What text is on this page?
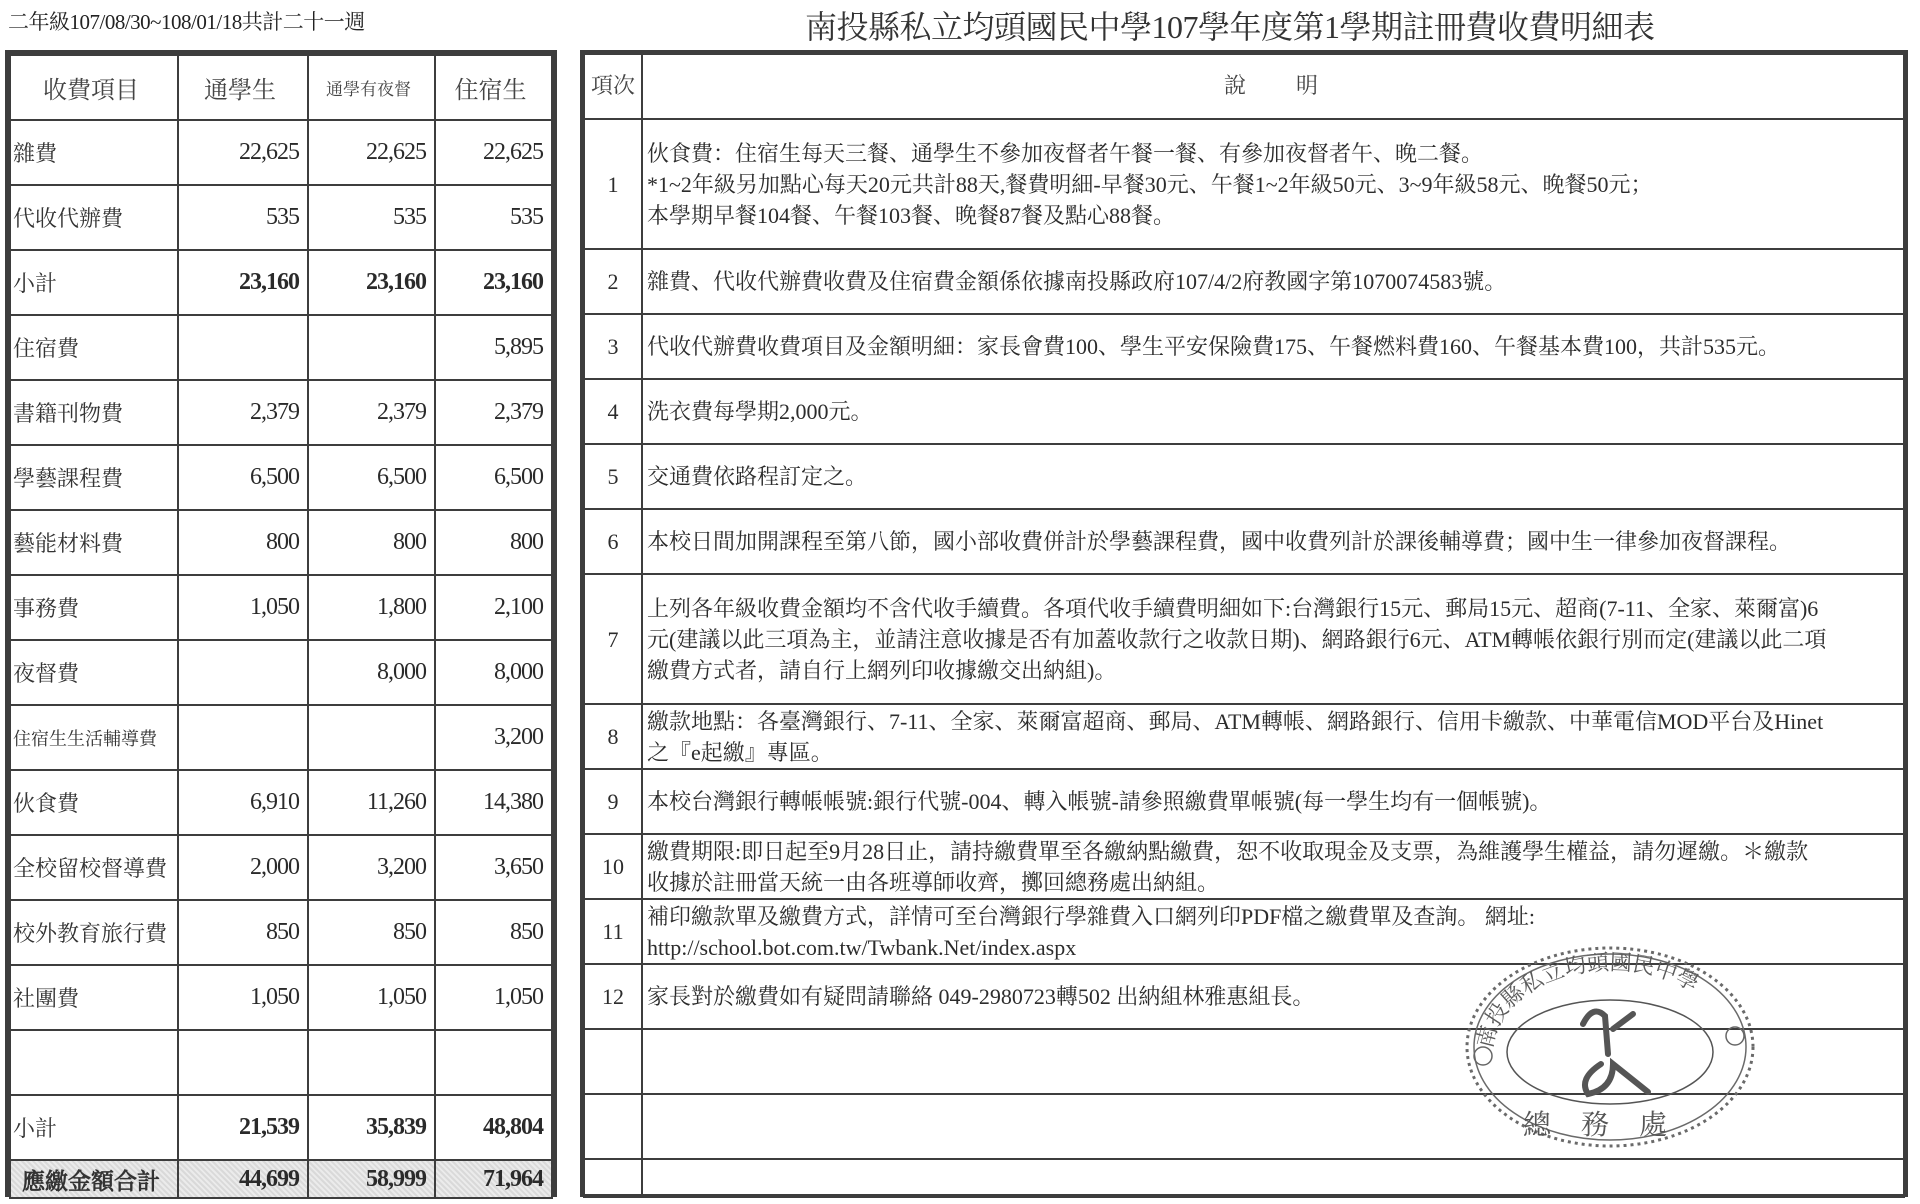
二年級107/08/30~108/01/18共計二十一週	南投縣私立均頭國民中學107學年度第1學期註冊費收費明細表
收費項目	通學生	通學有夜督	住宿生
雜費	22,625	22,625	22,625
代收代辦費	535	535	535
小計	23,160	23,160	23,160
住宿費			5,895
書籍刊物費	2,379	2,379	2,379
學藝課程費	6,500	6,500	6,500
藝能材料費	800	800	800
事務費	1,050	1,800	2,100
夜督費		8,000	8,000
住宿生生活輔導費			3,200
伙食費	6,910	11,260	14,380
全校留校督導費	2,000	3,200	3,650
校外教育旅行費	850	850	850
社團費	1,050	1,050	1,050

小計	21,539	35,839	48,804
應繳金額合計	44,699	58,999	71,964
項次	說明
1	伙食費：住宿生每天三餐、通學生不參加夜督者午餐一餐、有參加夜督者午、晚二餐。
*1~2年級另加點心每天20元共計88天,餐費明細-早餐30元、午餐1~2年級50元、3~9年級58元、晚餐50元；
本學期早餐104餐、午餐103餐、晚餐87餐及點心88餐。

2	雜費、代收代辦費收費及住宿費金額係依據南投縣政府107/4/2府教國字第1070074583號。

3	代收代辦費收費項目及金額明細：家長會費100、學生平安保險費175、午餐燃料費160、午餐基本費100，共計535元。

4	洗衣費每學期2,000元。

5	交通費依路程訂定之。

6	本校日間加開課程至第八節，國小部收費併計於學藝課程費，國中收費列計於課後輔導費；國中生一律參加夜督課程。

7	上列各年級收費金額均不含代收手續費。各項代收手續費明細如下:台灣銀行15元、郵局15元、超商(7-11、全家、萊爾富)6
元(建議以此三項為主，並請注意收據是否有加蓋收款行之收款日期)、網路銀行6元、ATM轉帳依銀行別而定(建議以此二項
繳費方式者，請自行上網列印收據繳交出納組)。

8	繳款地點：各臺灣銀行、7-11、全家、萊爾富超商、郵局、ATM轉帳、網路銀行、信用卡繳款、中華電信MOD平台及Hinet
之『e起繳』專區。

9	本校台灣銀行轉帳帳號:銀行代號-004、轉入帳號-請參照繳費單帳號(每一學生均有一個帳號)。

10	繳費期限:即日起至9月28日止，請持繳費單至各繳納點繳費，恕不收取現金及支票，為維護學生權益，請勿遲繳。＊繳款
收據於註冊當天統一由各班導師收齊，擲回總務處出納組。

11	補印繳款單及繳費方式，詳情可至台灣銀行學雜費入口網列印PDF檔之繳費單及查詢。 網址:
http://school.bot.com.tw/Twbank.Net/index.aspx

12	家長對於繳費如有疑問請聯絡 049-2980723轉502 出納組林雅惠組長。

南投縣私立均頭國民中學
總務處
